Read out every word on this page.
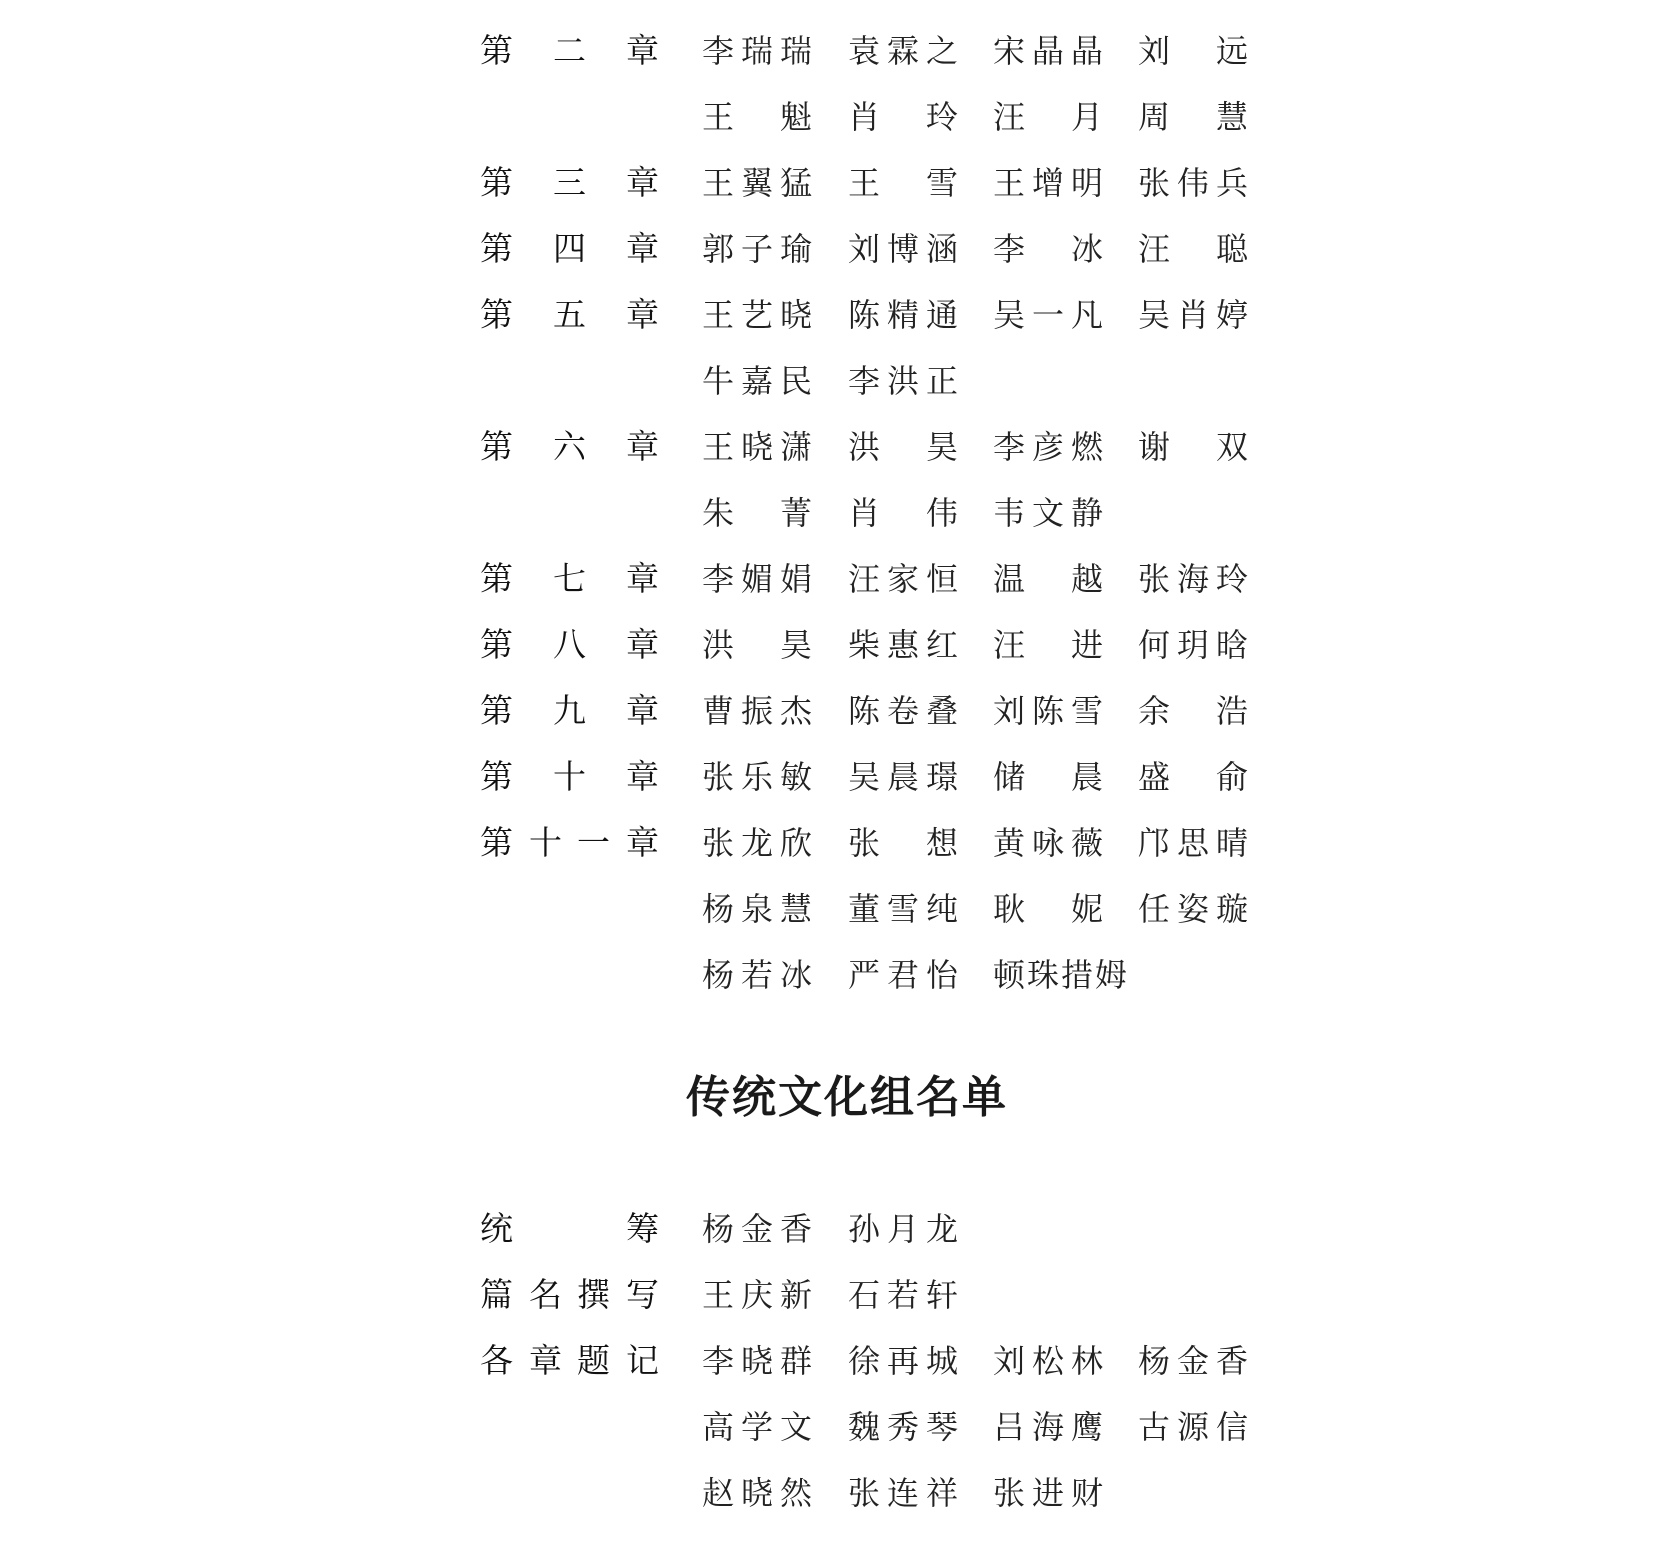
第 二 章 李 瑞 瑞 袁 霖 之 宋 晶 晶 刘 远
王 魁 肖 玲 汪 月 周 慧
第 三 章 王 翼 猛 王 雪 王 增 明 张 伟 兵
第 四 章 郭 子 瑜 刘 博 涵 李 冰 汪 聪
第 五 章 王 艺 晓 陈 精 通 吴 一 凡 吴 肖 婷
牛 嘉 民 李 洪 正
第 六 章 王 晓 潇 洪 昊 李 彦 燃 谢 双
朱 菁 肖 伟 韦 文 静
第 七 章 李 媚 娟 汪 家 恒 温 越 张 海 玲
第 八 章 洪 昊 柴 惠 红 汪 进 何 玥 晗
第 九 章 曹 振 杰 陈 卷 叠 刘 陈 雪 余 浩
第 十 章 张 乐 敏 吴 晨 璟 储 晨 盛 俞
第 十 一 章 张 龙 欣 张 想 黄 咏 薇 邝 思 晴
杨 泉 慧 董 雪 纯 耿 妮 任 姿 璇
杨 若 冰 严 君 怡 顿珠措姆
传统文化组名单
统	筹 杨 金 香 孙 月 龙
篇 名 撰 写 王 庆 新 石 若 轩
各 章 题 记 李 晓 群 徐 再 城 刘 松 林 杨 金 香
高 学 文 魏 秀 琴 吕 海 鹰 古 源 信
赵 晓 然 张 连 祥 张 进 财
